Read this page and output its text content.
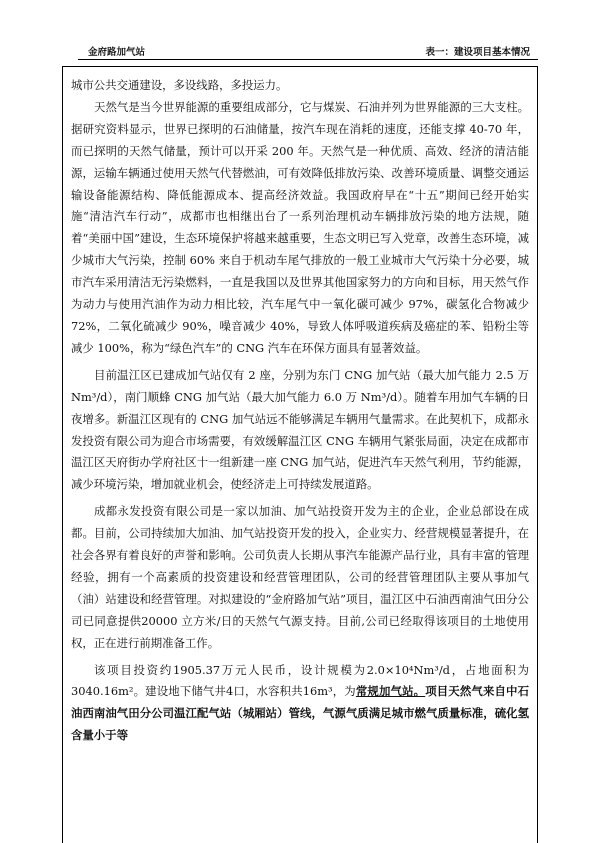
金府路加气站	表一：建设项目基本情况

城市公共交通建设，多设线路，多投运力。

天然气是当今世界能源的重要组成部分，它与煤炭、石油并列为世界能源的三大支柱。据研究资料显示，世界已探明的石油储量，按汽车现在消耗的速度，还能支撑 40-70 年，而已探明的天然气储量，预计可以开采 200 年。天然气是一种优质、高效、经济的清洁能源，运输车辆通过使用天然气代替燃油，可有效降低排放污染、改善环境质量、调整交通运输设备能源结构、降低能源成本、提高经济效益。我国政府早在“十五”期间已经开始实施“清洁汽车行动”，成都市也相继出台了一系列治理机动车辆排放污染的地方法规，随着“美丽中国”建设，生态环境保护将越来越重要，生态文明已写入党章，改善生态环境，减少城市大气污染，控制 60% 来自于机动车尾气排放的一般工业城市大气污染十分必要，城市汽车采用清洁无污染燃料，一直是我国以及世界其他国家努力的方向和目标，用天然气作为动力与使用汽油作为动力相比较，汽车尾气中一氧化碳可减少 97%，碳氢化合物减少 72%，二氧化硫减少 90%，噪音减少 40%，导致人体呼吸道疾病及癌症的苯、铅粉尘等减少 100%，称为“绿色汽车”的 CNG 汽车在环保方面具有显著效益。

目前温江区已建成加气站仅有 2 座，分别为东门 CNG 加气站（最大加气能力 2.5 万 Nm³/d），南门顺蜂 CNG 加气站（最大加气能力 6.0 万 Nm³/d）。随着车用加气车辆的日夜增多。新温江区现有的 CNG 加气站远不能够满足车辆用气量需求。在此契机下，成都永发投资有限公司为迎合市场需要，有效缓解温江区 CNG 车辆用气紧张局面，决定在成都市温江区天府街办学府社区十一组新建一座 CNG 加气站，促进汽车天然气利用，节约能源，减少环境污染，增加就业机会，使经济走上可持续发展道路。

成都永发投资有限公司是一家以加油、加气站投资开发为主的企业，企业总部设在成都。目前，公司持续加大加油、加气站投资开发的投入，企业实力、经营规模显著提升，在社会各界有着良好的声誉和影响。公司负责人长期从事汽车能源产品行业，具有丰富的管理经验，拥有一个高素质的投资建设和经营管理团队，公司的经营管理团队主要从事加气（油）站建设和经营管理。对拟建设的“金府路加气站”项目，温江区中石油西南油气田分公司已同意提供20000 立方米/日的天然气气源支持。目前,公司已经取得该项目的土地使用权，正在进行前期准备工作。

该项目投资约1905.37万元人民币，设计规模为2.0×10⁴Nm³/d，占地面积为3040.16m²。建设地下储气井4口，水容积共16m³，为常规加气站。项目天然气来自中石油西南油气田分公司温江配气站（城厢站）管线，气源气质满足城市燃气质量标准，硫化氢含量小于等
